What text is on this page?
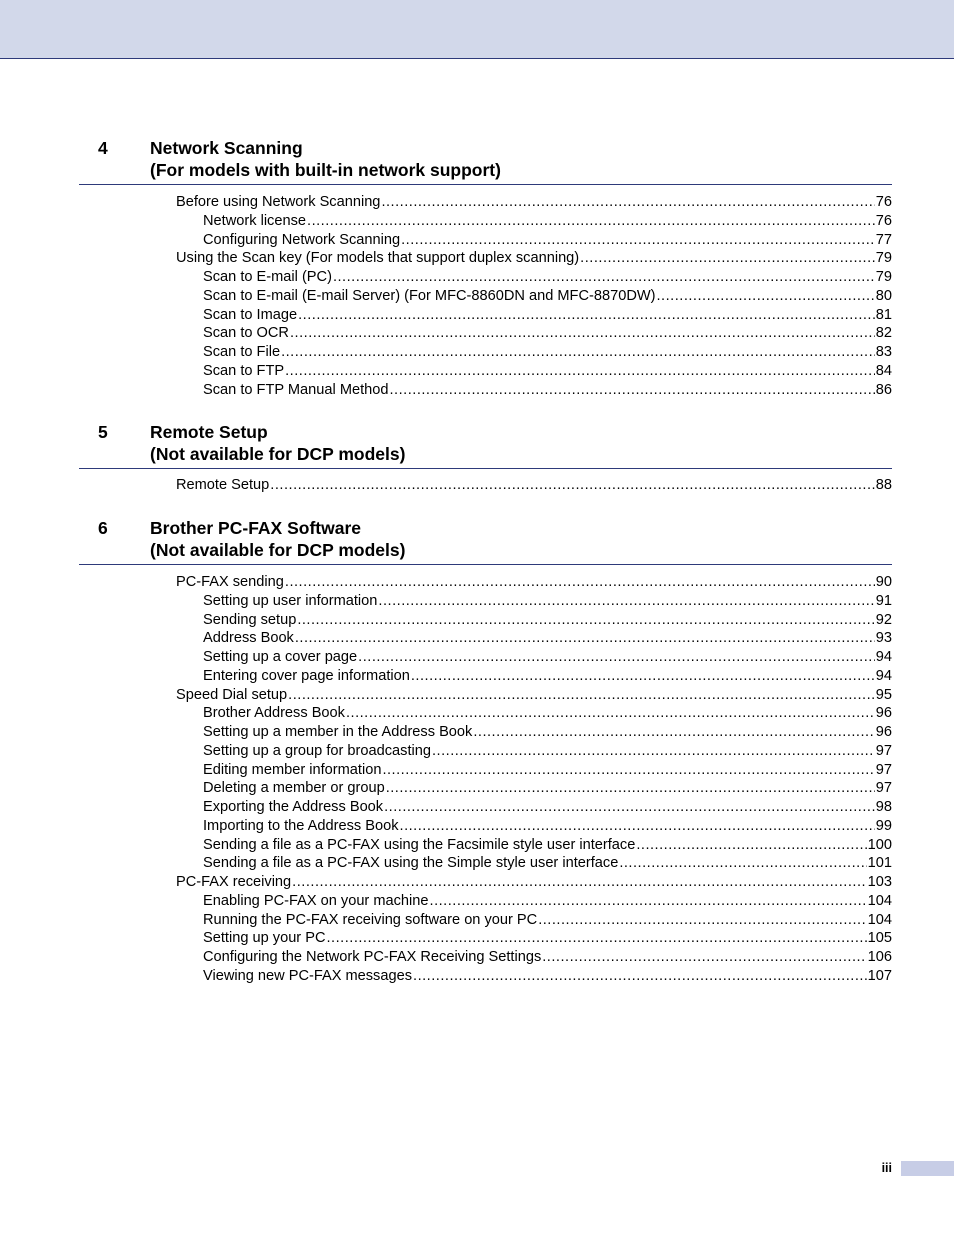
4 Network Scanning
(For models with built-in network support)
Before using Network Scanning .....	76
Network license .....	76
Configuring Network Scanning .....	77
Using the Scan key (For models that support duplex scanning) .....	79
Scan to E-mail (PC) .....	79
Scan to E-mail (E-mail Server) (For MFC-8860DN and MFC-8870DW) .....	80
Scan to Image .....	81
Scan to OCR .....	82
Scan to File .....	83
Scan to FTP .....	84
Scan to FTP Manual Method .....	86
5 Remote Setup
(Not available for DCP models)
Remote Setup .....	88
6 Brother PC-FAX Software
(Not available for DCP models)
PC-FAX sending .....	90
Setting up user information .....	91
Sending setup .....	92
Address Book .....	93
Setting up a cover page .....	94
Entering cover page information .....	94
Speed Dial setup .....	95
Brother Address Book .....	96
Setting up a member in the Address Book .....	96
Setting up a group for broadcasting .....	97
Editing member information .....	97
Deleting a member or group .....	97
Exporting the Address Book .....	98
Importing to the Address Book .....	99
Sending a file as a PC-FAX using the Facsimile style user interface .....	100
Sending a file as a PC-FAX using the Simple style user interface .....	101
PC-FAX receiving .....	103
Enabling PC-FAX on your machine .....	104
Running the PC-FAX receiving software on your PC .....	104
Setting up your PC .....	105
Configuring the Network PC-FAX Receiving Settings .....	106
Viewing new PC-FAX messages .....	107
iii
